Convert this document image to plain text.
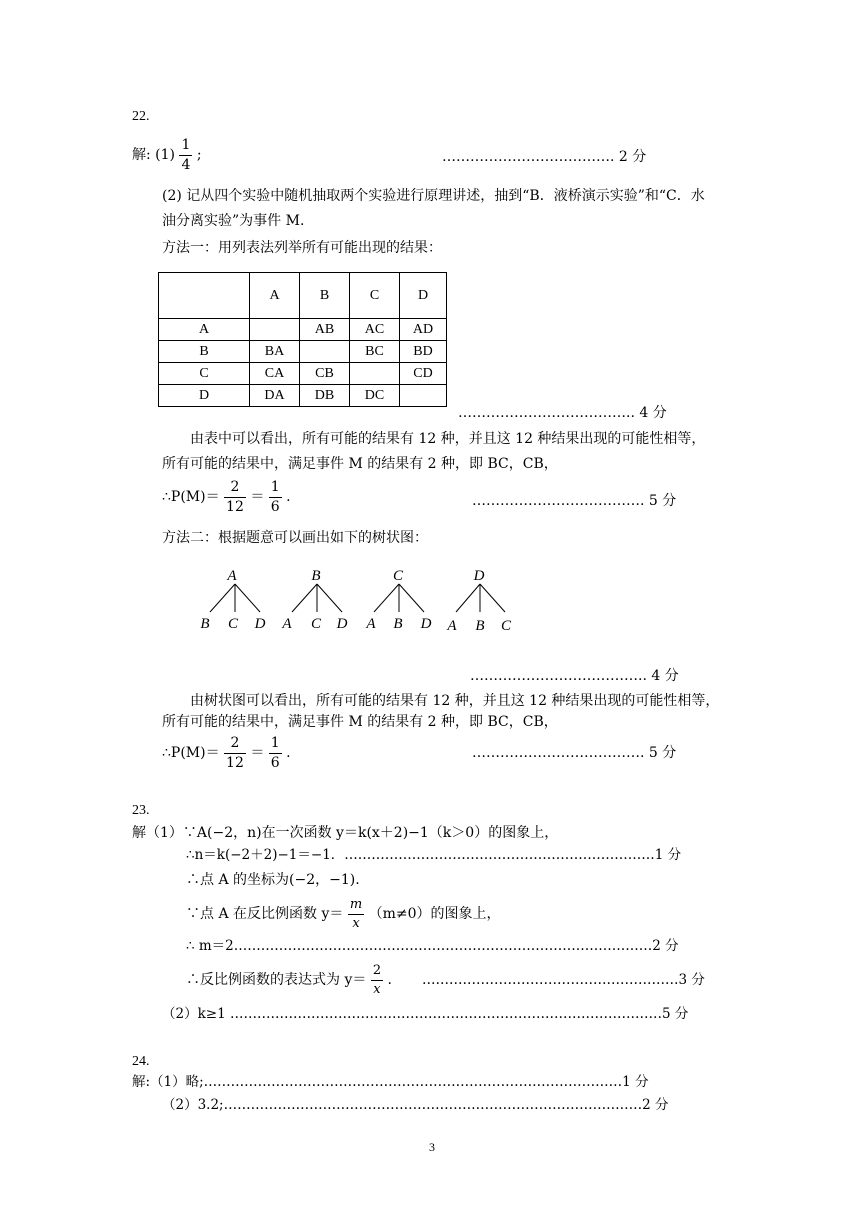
22.
解: $(1) \frac{1}{4}$ ;	………………………………. 2 分
(2) 记从四个实验中随机抽取两个实验进行原理讲述，抽到“B．液桥演示实验”和“C．水
油分离实验”为事件 M.
方法一：用列表法列举所有可能出现的结果：
	A	B	C	D
A		AB	AC	AD
B	BA		BC	BD
C	CA	CB		CD
D	DA	DB	DC	
……………………………….. 4 分
由表中可以看出，所有可能的结果有 12 种，并且这 12 种结果出现的可能性相等，
所有可能的结果中，满足事件 M 的结果有 2 种，即 BC，CB，
∴P(M)＝ $\frac{2}{12} = \frac{1}{6}$ .	………………………………. 5 分
方法二：根据题意可以画出如下的树状图：
A
B C D
B
A C D
C
A B D
D
A B C
……………………………….. 4 分
由树状图可以看出，所有可能的结果有 12 种，并且这 12 种结果出现的可能性相等，
所有可能的结果中，满足事件 M 的结果有 2 种，即 BC，CB，
∴P(M)＝ $\frac{2}{12} = \frac{1}{6}$ .	………………………………. 5 分
23.
解（1）∵A(−2，n)在一次函数 y＝k(x＋2)−1（k＞0）的图象上，
∴n＝k(−2＋2)−1＝−1．……………………………………………………………1 分
∴点 A 的坐标为(−2，−1).
∵点 A 在反比例函数 $y= \frac{m}{x} (m\ne 0)$的图象上，
∴ m＝2…………………………………………………………………………………2 分
∴反比例函数的表达式为 $y= \frac{2}{x}$ . …………………………………………………3 分
（2）k≥1 ……………………………………………………………………………………5 分
24.
解:（1）略;…………………………………………………………………………………1 分
（2）3.2;…………………………………………………………………………………2 分
3
